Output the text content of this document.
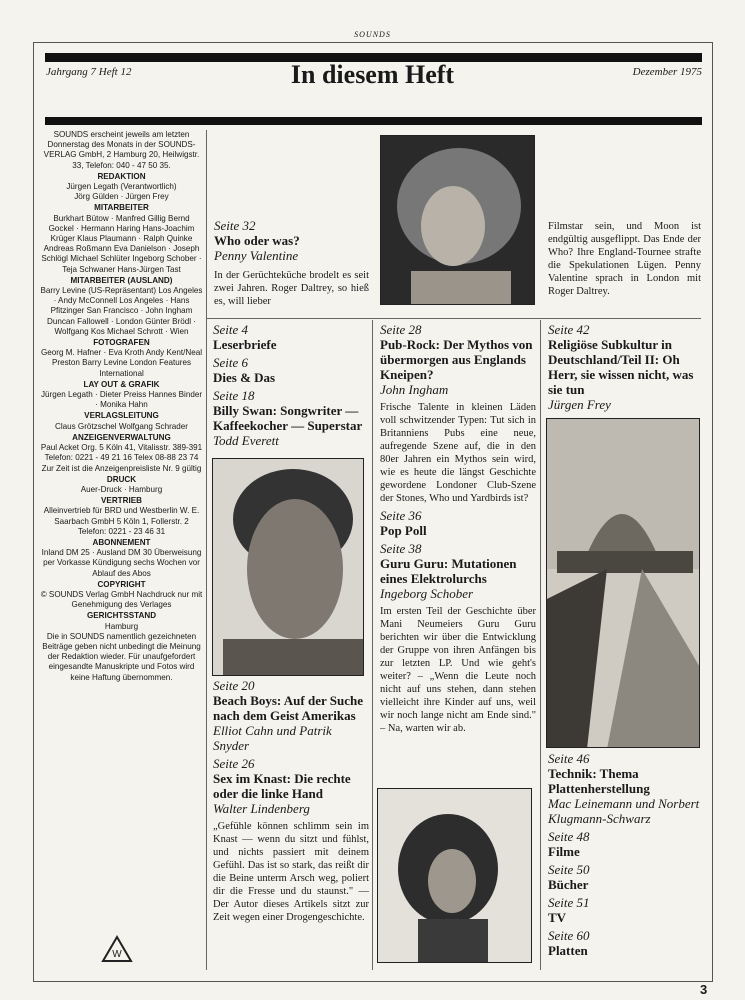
SOUNDS
Jahrgang 7 Heft 12	In diesem Heft	Dezember 1975
SOUNDS erscheint jeweils am letzten Donnerstag des Monats in der SOUNDS-VERLAG GmbH, 2 Hamburg 20, Heilwigstr. 33, Telefon: 040 - 47 50 35.
REDAKTION
Jürgen Legath (Verantwortlich)
Jörg Gülden · Jürgen Frey
MITARBEITER
Burkhart Bütow · Manfred Gillig Bernd Gockel · Hermann Haring Hans-Joachim Krüger Klaus Plaumann · Ralph Quinke Andreas Roßmann Eva Danielson · Joseph Schlögl Michael Schlüter Ingeborg Schober · Teja Schwaner Hans-Jürgen Tast
MITARBEITER (AUSLAND)
Barry Levine (US-Repräsentant) Los Angeles · Andy McConnell Los Angeles · Hans Pfitzinger San Francisco · John Ingham Duncan Fallowell · London Günter Brödl · Wolfgang Kos Michael Schrott · Wien
FOTOGRAFEN
Georg M. Hafner · Eva Kroth Andy Kent/Neal Preston Barry Levine London Features International
LAY OUT & GRAFIK
Jürgen Legath · Dieter Preiss Hannes Binder · Monika Hahn
VERLAGSLEITUNG
Claus Grötzschel Wolfgang Schrader
ANZEIGENVERWALTUNG
Paul Acket Org. 5 Köln 41, Vitalisstr. 389-391 Telefon: 0221 - 49 21 16 Telex 08-88 23 74 Zur Zeit ist die Anzeigenpreisliste Nr. 9 gültig
DRUCK
Auer-Druck · Hamburg
VERTRIEB
Alleinvertrieb für BRD und Westberlin W. E. Saarbach GmbH 5 Köln 1, Follerstr. 2 Telefon: 0221 - 23 46 31
ABONNEMENT
Inland DM 25 · Ausland DM 30 Überweisung per Vorkasse Kündigung sechs Wochen vor Ablauf des Abos
COPYRIGHT
© SOUNDS Verlag GmbH Nachdruck nur mit Genehmigung des Verlages
GERICHTSSTAND
Hamburg
Die in SOUNDS namentlich gezeichneten Beiträge geben nicht unbedingt die Meinung der Redaktion wieder. Für unaufgefordert eingesandte Manuskripte und Fotos wird keine Haftung übernommen.
W
Seite 32
Who oder was?
Penny Valentine
In der Gerüchteküche brodelt es seit zwei Jahren. Roger Daltrey, so hieß es, will lieber
Filmstar sein, und Moon ist endgültig ausgeflippt. Das Ende der Who? Ihre England-Tournee strafte die Spekulationen Lügen. Penny Valentine sprach in London mit Roger Daltrey.
Seite 4
Leserbriefe
Seite 6
Dies & Das
Seite 18
Billy Swan: Songwriter — Kaffeekocher — Superstar
Todd Everett
Seite 20
Beach Boys: Auf der Suche nach dem Geist Amerikas
Elliot Cahn und Patrik Snyder
Seite 26
Sex im Knast: Die rechte oder die linke Hand
Walter Lindenberg
„Gefühle können schlimm sein im Knast — wenn du sitzt und fühlst, und nichts passiert mit deinem Gefühl. Das ist so stark, das reißt dir die Beine unterm Arsch weg, poliert dir die Fresse und du staunst." — Der Autor dieses Artikels sitzt zur Zeit wegen einer Drogengeschichte.
Seite 28
Pub-Rock: Der Mythos von übermorgen aus Englands Kneipen?
John Ingham
Frische Talente in kleinen Läden voll schwitzender Typen: Tut sich in Britanniens Pubs eine neue, aufregende Szene auf, die in den 80er Jahren ein Mythos sein wird, wie es heute die längst Geschichte gewordene Londoner Club-Szene der Stones, Who und Yardbirds ist?
Seite 36
Pop Poll
Seite 38
Guru Guru: Mutationen eines Elektrolurchs
Ingeborg Schober
Im ersten Teil der Geschichte über Mani Neumeiers Guru Guru berichten wir über die Entwicklung der Gruppe von ihren Anfängen bis zur letzten LP. Und wie geht's weiter? – „Wenn die Leute noch nicht auf uns stehen, dann stehen vielleicht ihre Kinder auf uns, weil wir noch lange nicht am Ende sind." – Na, warten wir ab.
Seite 42
Religiöse Subkultur in Deutschland/Teil II: Oh Herr, sie wissen nicht, was sie tun
Jürgen Frey
Seite 46
Technik: Thema Plattenherstellung
Mac Leinemann und Norbert Klugmann-Schwarz
Seite 48
Filme
Seite 50
Bücher
Seite 51
TV
Seite 60
Platten
3
